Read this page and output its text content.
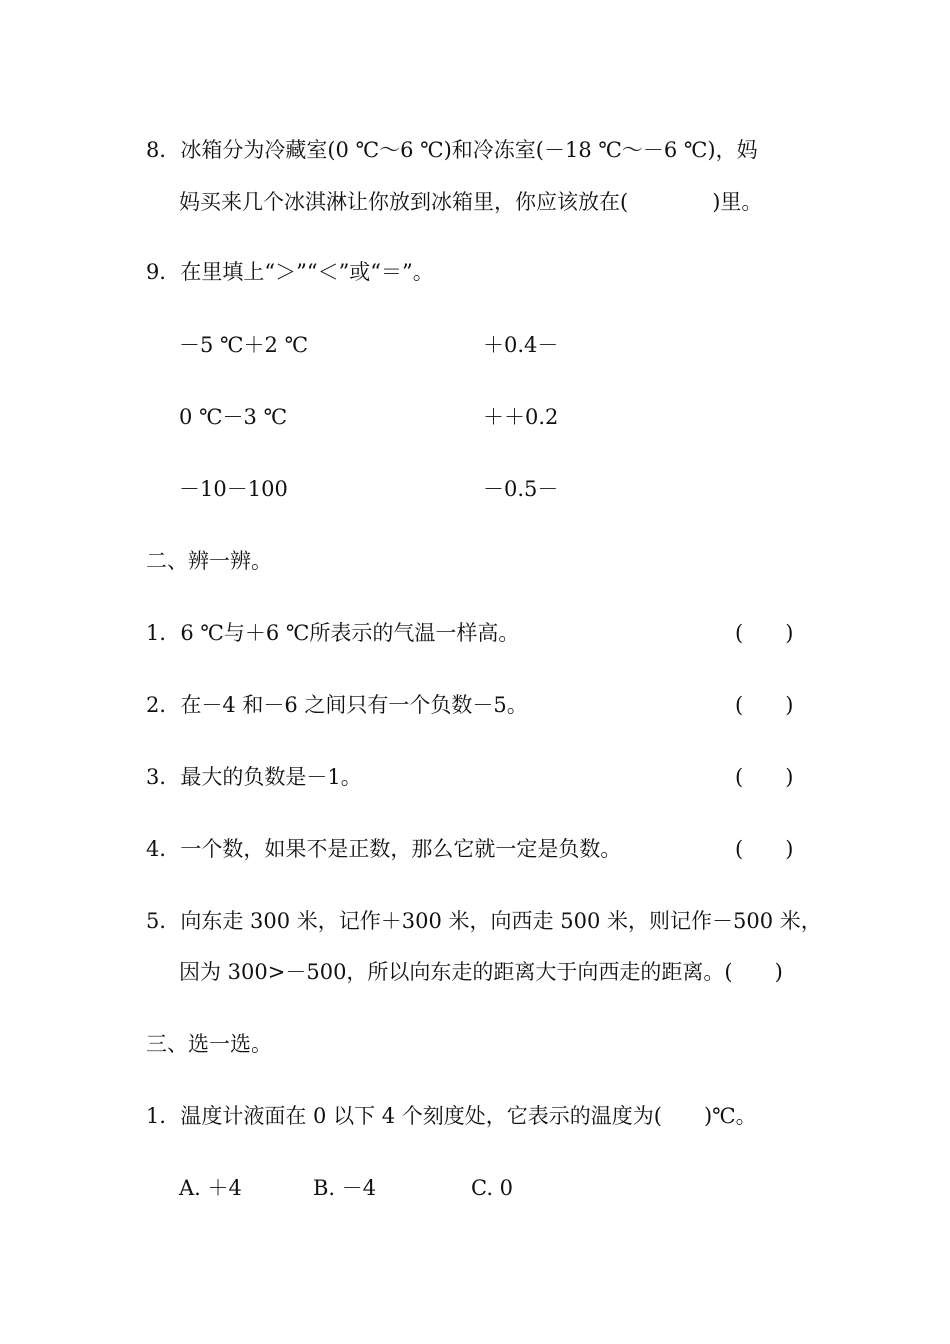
8．冰箱分为冷藏室(0 ℃～6 ℃)和冷冻室(－18 ℃～－6 ℃)，妈
妈买来几个冰淇淋让你放到冰箱里，你应该放在(　　　　)里。
9．在里填上“＞”“＜”或“＝”。
－5 ℃＋2 ℃	＋0.4－
0 ℃－3 ℃	＋＋0.2
－10－100	－0.5－
二、辨一辨。
1．6 ℃与＋6 ℃所表示的气温一样高。	(　　)
2．在－4 和－6 之间只有一个负数－5。	(　　)
3．最大的负数是－1。	(　　)
4．一个数，如果不是正数，那么它就一定是负数。	(　　)
5．向东走 300 米，记作＋300 米，向西走 500 米，则记作－500 米，
因为 300>－500，所以向东走的距离大于向西走的距离。(　　)
三、选一选。
1．温度计液面在 0 以下 4 个刻度处，它表示的温度为(　　)℃。
A. ＋4	B. －4	C. 0
